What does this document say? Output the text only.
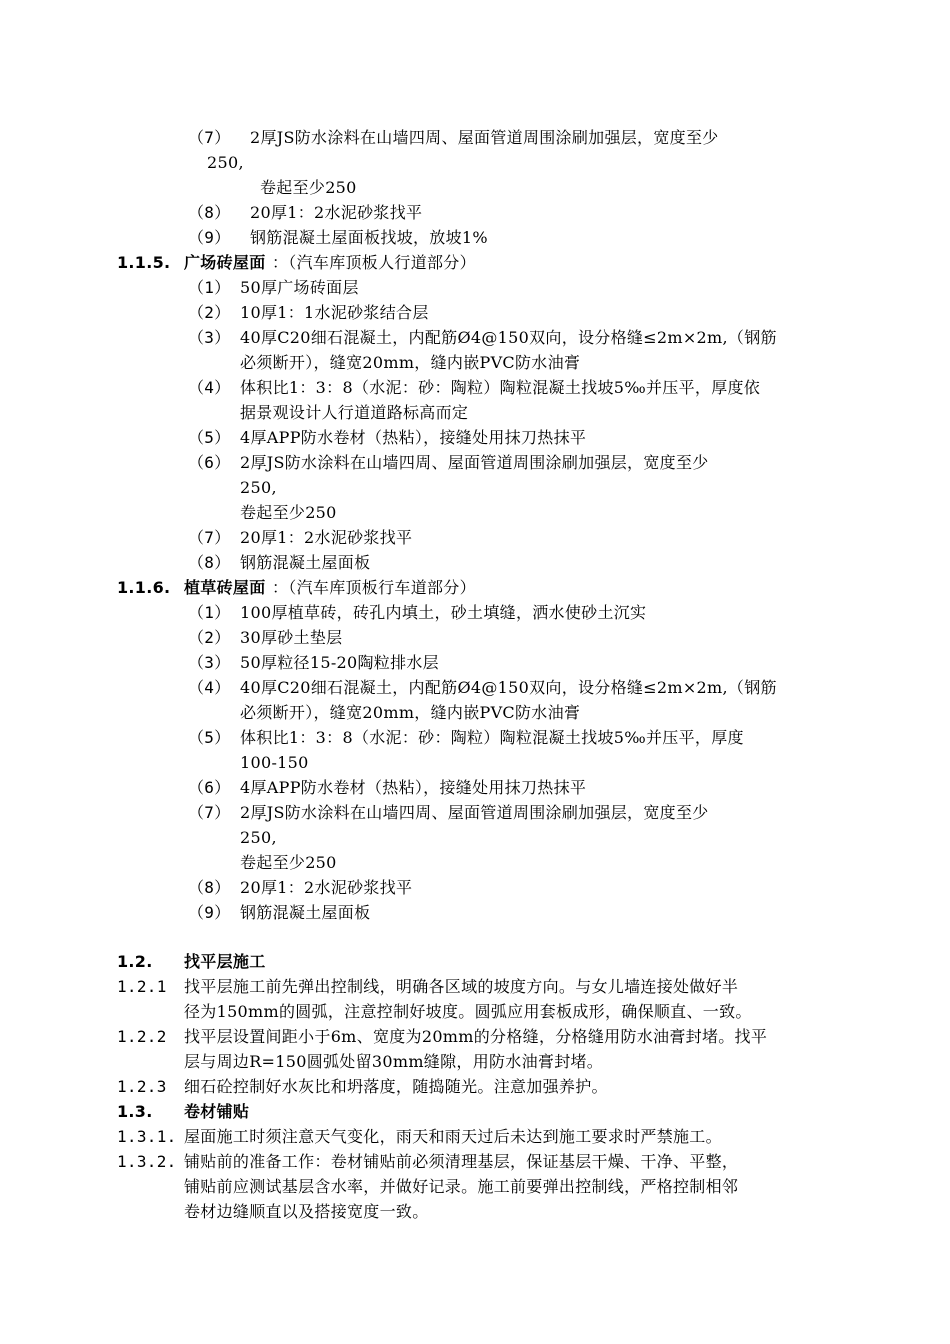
（7） 2厚JS防水涂料在山墙四周、屋面管道周围涂刷加强层，宽度至少
250,
卷起至少250
（8） 20厚1：2水泥砂浆找平
（9） 钢筋混凝土屋面板找坡，放坡1%
1.1.5. 广场砖屋面 ：（汽车库顶板人行道部分）
（1） 50厚广场砖面层
（2） 10厚1：1水泥砂浆结合层
（3） 40厚C20细石混凝土，内配筋Ø4@150双向，设分格缝≤2m×2m,（钢筋
必须断开），缝宽20mm，缝内嵌PVC防水油膏
（4） 体积比1：3：8（水泥：砂：陶粒）陶粒混凝土找坡5‰并压平，厚度依
据景观设计人行道道路标高而定
（5） 4厚APP防水卷材（热粘），接缝处用抹刀热抹平
（6） 2厚JS防水涂料在山墙四周、屋面管道周围涂刷加强层，宽度至少
250,
卷起至少250
（7） 20厚1：2水泥砂浆找平
（8） 钢筋混凝土屋面板
1.1.6. 植草砖屋面 ：（汽车库顶板行车道部分）
（1） 100厚植草砖，砖孔内填土，砂土填缝，洒水使砂土沉实
（2） 30厚砂土垫层
（3） 50厚粒径15-20陶粒排水层
（4） 40厚C20细石混凝土，内配筋Ø4@150双向，设分格缝≤2m×2m,（钢筋
必须断开），缝宽20mm，缝内嵌PVC防水油膏
（5） 体积比1：3：8（水泥：砂：陶粒）陶粒混凝土找坡5‰并压平，厚度
100-150
（6） 4厚APP防水卷材（热粘），接缝处用抹刀热抹平
（7） 2厚JS防水涂料在山墙四周、屋面管道周围涂刷加强层，宽度至少
250,
卷起至少250
（8） 20厚1：2水泥砂浆找平
（9） 钢筋混凝土屋面板
1.2. 找平层施工
1.2.1 找平层施工前先弹出控制线，明确各区域的坡度方向。与女儿墙连接处做好半
径为150mm的圆弧，注意控制好坡度。圆弧应用套板成形，确保顺直、一致。
1.2.2 找平层设置间距小于6m、宽度为20mm的分格缝，分格缝用防水油膏封堵。找平
层与周边R=150圆弧处留30mm缝隙，用防水油膏封堵。
1.2.3 细石砼控制好水灰比和坍落度，随捣随光。注意加强养护。
1.3. 卷材铺贴
1.3.1. 屋面施工时须注意天气变化，雨天和雨天过后未达到施工要求时严禁施工。
1.3.2. 铺贴前的准备工作：卷材铺贴前必须清理基层，保证基层干燥、干净、平整，
铺贴前应测试基层含水率，并做好记录。施工前要弹出控制线，严格控制相邻
卷材边缝顺直以及搭接宽度一致。
